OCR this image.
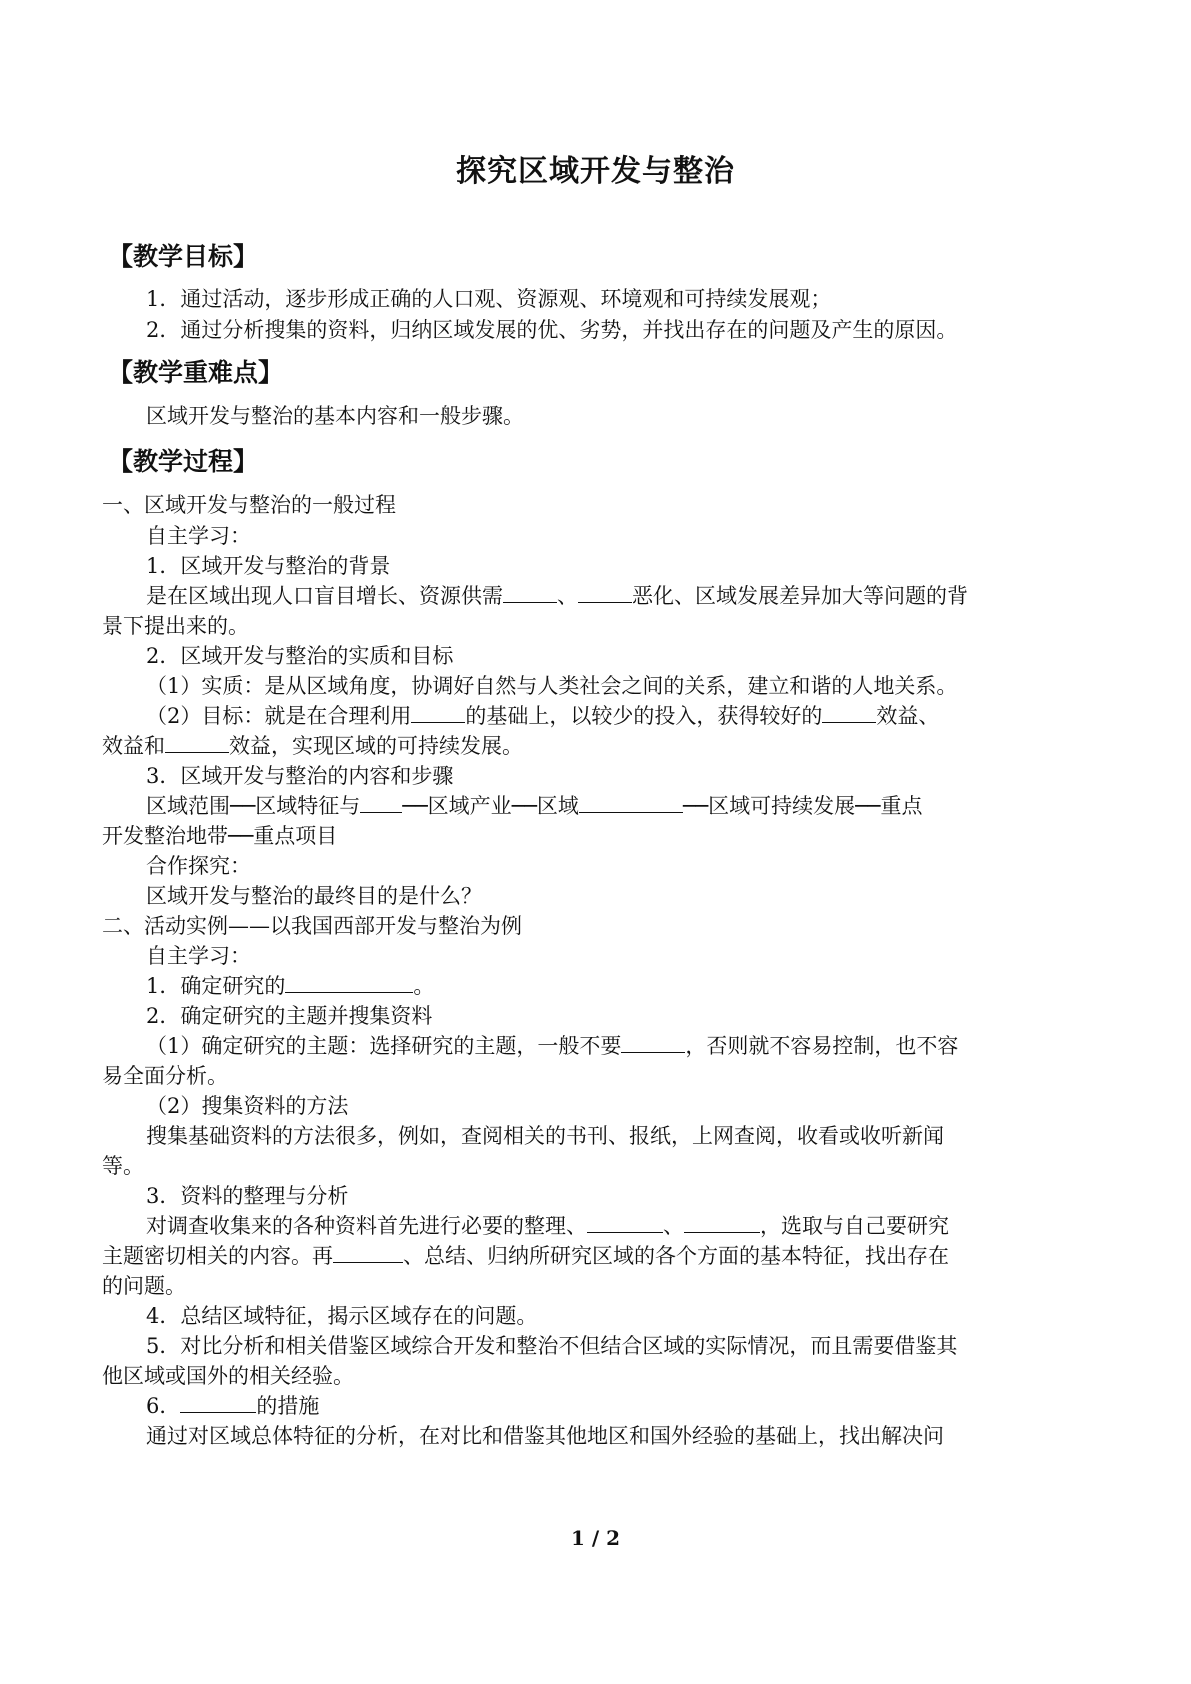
探究区域开发与整治
【教学目标】
1．通过活动，逐步形成正确的人口观、资源观、环境观和可持续发展观；
2．通过分析搜集的资料，归纳区域发展的优、劣势，并找出存在的问题及产生的原因。
【教学重难点】
区域开发与整治的基本内容和一般步骤。
【教学过程】
一、区域开发与整治的一般过程
自主学习：
1．区域开发与整治的背景
是在区域出现人口盲目增长、资源供需	、	恶化、区域发展差异加大等问题的背
景下提出来的。
2．区域开发与整治的实质和目标
（1）实质：是从区域角度，协调好自然与人类社会之间的关系，建立和谐的人地关系。
（2）目标：就是在合理利用	的基础上，以较少的投入，获得较好的	效益、
效益和	效益，实现区域的可持续发展。
3．区域开发与整治的内容和步骤
区域范围──区域特征与 ──区域产业──区域	──区域可持续发展──重点
开发整治地带──重点项目
合作探究：
区域开发与整治的最终目的是什么？
二、活动实例——以我国西部开发与整治为例
自主学习：
1．确定研究的	。
2．确定研究的主题并搜集资料
（1）确定研究的主题：选择研究的主题，一般不要	，否则就不容易控制，也不容
易全面分析。
（2）搜集资料的方法
搜集基础资料的方法很多，例如，查阅相关的书刊、报纸，上网查阅，收看或收听新闻
等。
3．资料的整理与分析
对调查收集来的各种资料首先进行必要的整理、	、	，选取与自己要研究
主题密切相关的内容。再	、总结、归纳所研究区域的各个方面的基本特征，找出存在
的问题。
4．总结区域特征，揭示区域存在的问题。
5．对比分析和相关借鉴区域综合开发和整治不但结合区域的实际情况，而且需要借鉴其
他区域或国外的相关经验。
6．	的措施
通过对区域总体特征的分析，在对比和借鉴其他地区和国外经验的基础上，找出解决问
1 / 2
